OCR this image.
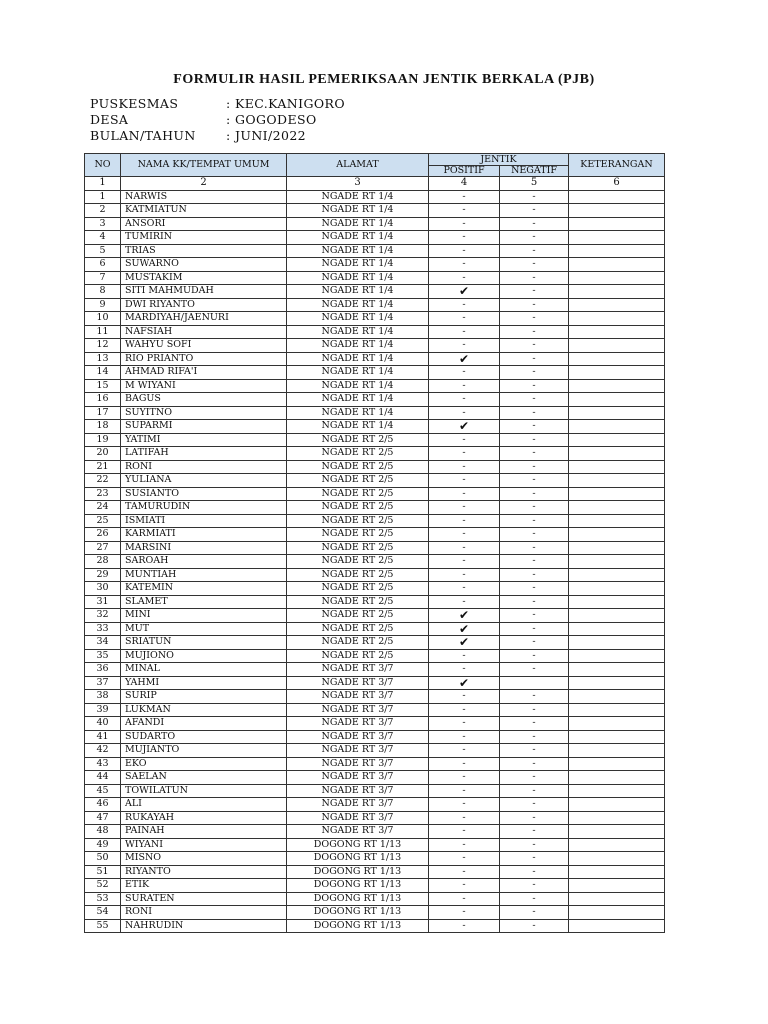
FORMULIR HASIL PEMERIKSAAN JENTIK BERKALA (PJB)
PUSKESMAS	: KEC.KANIGORO
DESA	: GOGODESO
BULAN/TAHUN : JUNI/2022
NO	NAMA KK/TEMPAT UMUM	ALAMAT	JENTIK		KETERANGAN
			POSITIF	NEGATIF	
1	2	3	4	5	6
1	NARWIS	NGADE RT 1/4	-	-	
2	KATMIATUN	NGADE RT 1/4	-	-	
3	ANSORI	NGADE RT 1/4	-	-	
4	TUMIRIN	NGADE RT 1/4	-	-	
5	TRIAS	NGADE RT 1/4	-	-	
6	SUWARNO	NGADE RT 1/4	-	-	
7	MUSTAKIM	NGADE RT 1/4	-	-	
8	SITI MAHMUDAH	NGADE RT 1/4	✔	-	
9	DWI RIYANTO	NGADE RT 1/4	-	-	
10	MARDIYAH/JAENURI	NGADE RT 1/4	-	-	
11	NAFSIAH	NGADE RT 1/4	-	-	
12	WAHYU SOFI	NGADE RT 1/4	-	-	
13	RIO PRIANTO	NGADE RT 1/4	✔	-	
14	AHMAD RIFA'I	NGADE RT 1/4	-	-	
15	M WIYANI	NGADE RT 1/4	-	-	
16	BAGUS	NGADE RT 1/4	-	-	
17	SUYITNO	NGADE RT 1/4	-	-	
18	SUPARMI	NGADE RT 1/4	✔	-	
19	YATIMI	NGADE RT 2/5	-	-	
20	LATIFAH	NGADE RT 2/5	-	-	
21	RONI	NGADE RT 2/5	-	-	
22	YULIANA	NGADE RT 2/5	-	-	
23	SUSIANTO	NGADE RT 2/5	-	-	
24	TAMURUDIN	NGADE RT 2/5	-	-	
25	ISMIATI	NGADE RT 2/5	-	-	
26	KARMIATI	NGADE RT 2/5	-	-	
27	MARSINI	NGADE RT 2/5	-	-	
28	SAROAH	NGADE RT 2/5	-	-	
29	MUNTIAH	NGADE RT 2/5	-	-	
30	KATEMIN	NGADE RT 2/5	-	-	
31	SLAMET	NGADE RT 2/5	-	-	
32	MINI	NGADE RT 2/5	✔	-	
33	MUT	NGADE RT 2/5	✔	-	
34	SRIATUN	NGADE RT 2/5	✔	-	
35	MUJIONO	NGADE RT 2/5	-	-	
36	MINAL	NGADE RT 3/7	-	-	
37	YAHMI	NGADE RT 3/7	✔		
38	SURIP	NGADE RT 3/7	-	-	
39	LUKMAN	NGADE RT 3/7	-	-	
40	AFANDI	NGADE RT 3/7	-	-	
41	SUDARTO	NGADE RT 3/7	-	-	
42	MUJIANTO	NGADE RT 3/7	-	-	
43	EKO	NGADE RT 3/7	-	-	
44	SAELAN	NGADE RT 3/7	-	-	
45	TOWILATUN	NGADE RT 3/7	-	-	
46	ALI	NGADE RT 3/7	-	-	
47	RUKAYAH	NGADE RT 3/7	-	-	
48	PAINAH	NGADE RT 3/7	-	-	
49	WIYANI	DOGONG RT 1/13	-	-	
50	MISNO	DOGONG RT 1/13	-	-	
51	RIYANTO	DOGONG RT 1/13	-	-	
52	ETIK	DOGONG RT 1/13	-	-	
53	SURATEN	DOGONG RT 1/13	-	-	
54	RONI	DOGONG RT 1/13	-	-	
55	NAHRUDIN	DOGONG RT 1/13	-	-	
